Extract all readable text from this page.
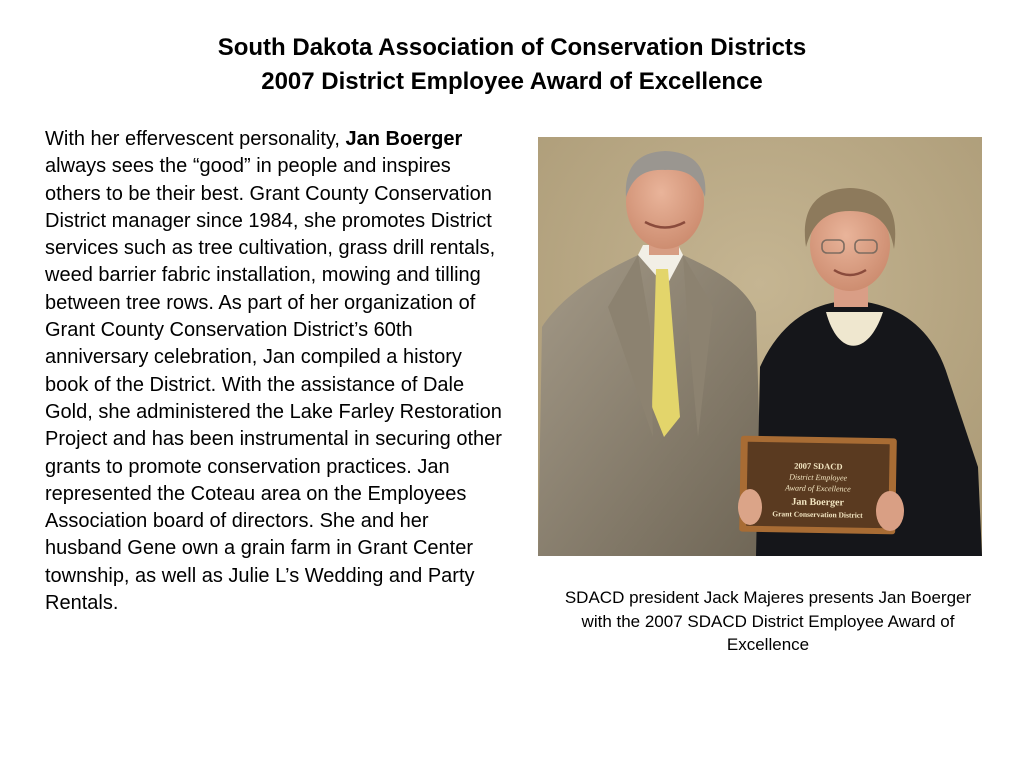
South Dakota Association of Conservation Districts
2007 District Employee Award of Excellence
With her effervescent personality, Jan Boerger always sees the “good” in people and inspires others to be their best. Grant County Conservation District manager since 1984, she promotes District services such as tree cultivation, grass drill rentals, weed barrier fabric installation, mowing and tilling between tree rows. As part of her organization of Grant County Conservation District’s 60th anniversary celebration, Jan compiled a history book of the District. With the assistance of Dale Gold, she administered the Lake Farley Restoration Project and has been instrumental in securing other grants to promote conservation practices. Jan represented the Coteau area on the Employees Association board of directors. She and her husband Gene own a grain farm in Grant Center township, as well as Julie L’s Wedding and Party Rentals.
2007 SDACD
District Employee
Award of Excellence
Jan Boerger
Grant Conservation District
SDACD president Jack Majeres presents Jan Boerger with the 2007 SDACD District Employee Award of Excellence
